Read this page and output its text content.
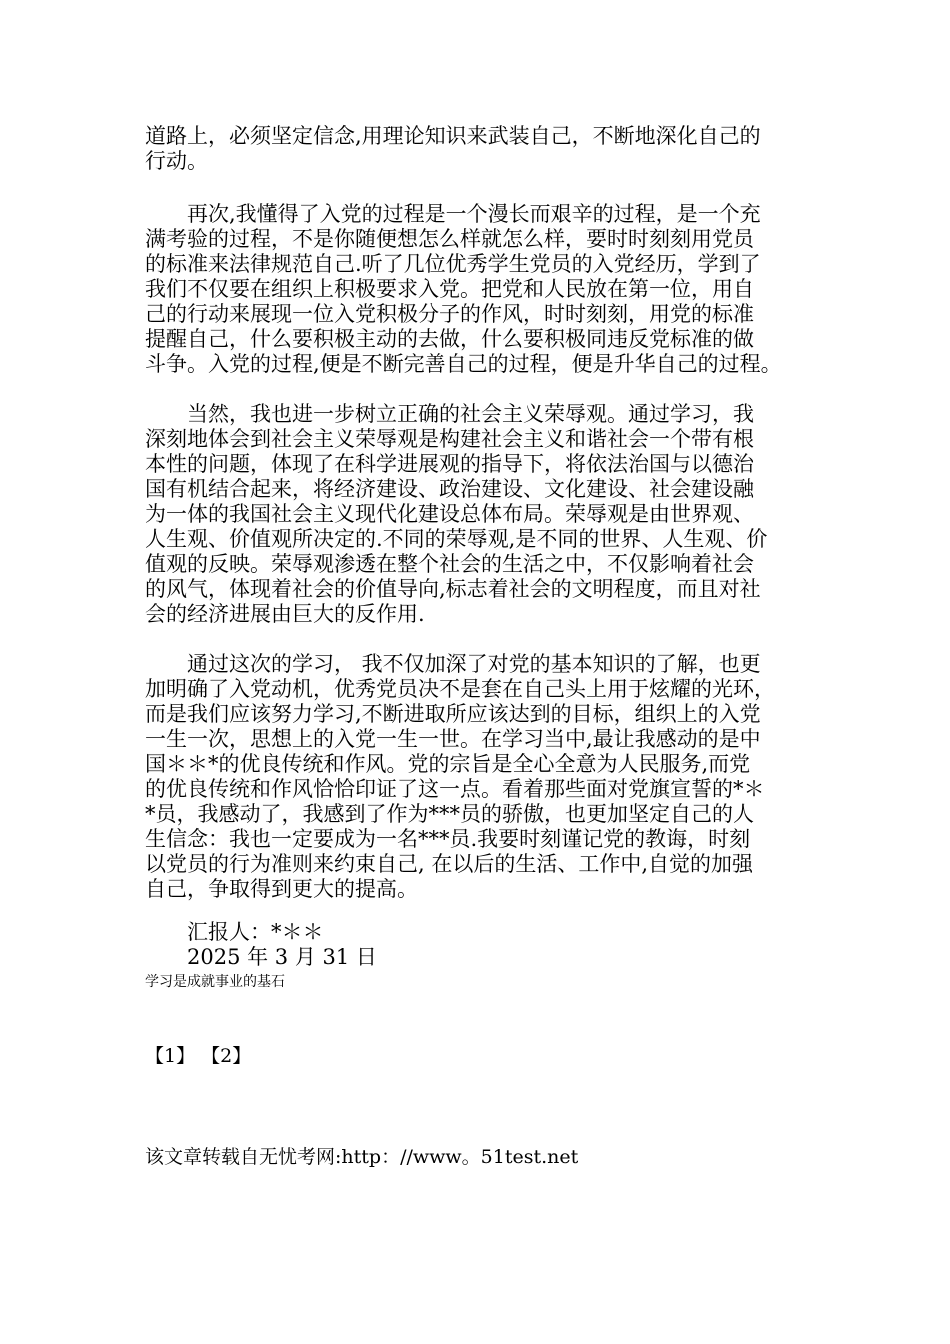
道路上，必须坚定信念,用理论知识来武装自己，不断地深化自己的
行动。
　　再次,我懂得了入党的过程是一个漫长而艰辛的过程，是一个充
满考验的过程，不是你随便想怎么样就怎么样，要时时刻刻用党员
的标准来法律规范自己.听了几位优秀学生党员的入党经历，学到了
我们不仅要在组织上积极要求入党。把党和人民放在第一位，用自
己的行动来展现一位入党积极分子的作风，时时刻刻，用党的标准
提醒自己，什么要积极主动的去做，什么要积极同违反党标准的做
斗争。入党的过程,便是不断完善自己的过程，便是升华自己的过程。
　　当然，我也进一步树立正确的社会主义荣辱观。通过学习，我
深刻地体会到社会主义荣辱观是构建社会主义和谐社会一个带有根
本性的问题，体现了在科学进展观的指导下，将依法治国与以德治
国有机结合起来，将经济建设、政治建设、文化建设、社会建设融
为一体的我国社会主义现代化建设总体布局。荣辱观是由世界观、
人生观、价值观所决定的.不同的荣辱观,是不同的世界、人生观、价
值观的反映。荣辱观渗透在整个社会的生活之中，不仅影响着社会
的风气，体现着社会的价值导向,标志着社会的文明程度，而且对社
会的经济进展由巨大的反作用.
　　通过这次的学习， 我不仅加深了对党的基本知识的了解，也更
加明确了入党动机，优秀党员决不是套在自己头上用于炫耀的光环，
而是我们应该努力学习,不断进取所应该达到的目标，组织上的入党
一生一次，思想上的入党一生一世。在学习当中,最让我感动的是中
国＊＊*的优良传统和作风。党的宗旨是全心全意为人民服务,而党
的优良传统和作风恰恰印证了这一点。看着那些面对党旗宣誓的*＊
*员，我感动了，我感到了作为***员的骄傲，也更加坚定自己的人
生信念：我也一定要成为一名***员.我要时刻谨记党的教诲，时刻
以党员的行为准则来约束自己, 在以后的生活、工作中,自觉的加强
自己，争取得到更大的提高。
　　汇报人：*＊＊
　　2025 年 3 月 31 日
学习是成就事业的基石
【1】 【2】
该文章转载自无忧考网:http：//www。51test.net
